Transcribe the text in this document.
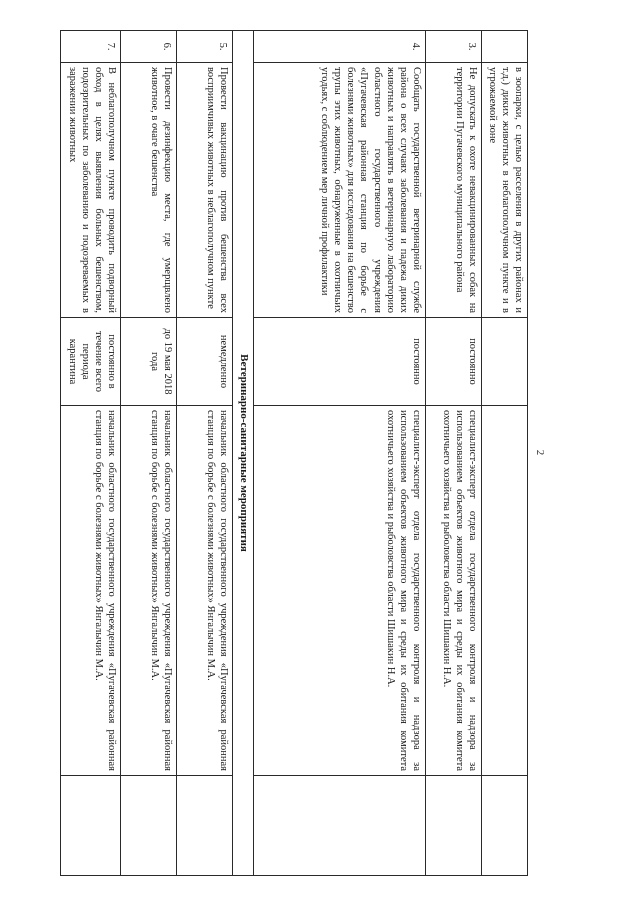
2
	в зоопарки, с целью расселения в других районах и т.д.) диких животных в неблагополучном пункте и в угрожаемой зоне			
3.	Не допускать к охоте невакцинированных собак на территории Пугачевского муниципального района	постоянно	специалист-эксперт отдела государственного контроля и надзора за использованием объектов животного мира и среды их обитания комитета охотничьего хозяйства и рыболовства области Шишакин Н.А.	
4.	Сообщать государственной ветеринарной службе района о всех случаях заболевания и падежа диких животных и направлять в ветеринарную лабораторию областного государственного учреждения «Пугачевская районная станция по борьбе с болезнями животных» для исследования на бешенство трупы этих животных, обнаруженные в охотничьих угодьях, с соблюдением мер личной профилактики	постоянно	специалист-эксперт отдела государственного контроля и надзора за использованием объектов животного мира и среды их обитания комитета охотничьего хозяйства и рыболовства области Шишакин Н.А.	
Ветеринарно-санитарные мероприятия				
5.	Провести вакцинацию против бешенства всех восприимчивых животных в неблагополучном пункте	немедленно	начальник областного государственного учреждения «Пугачевская районная станция по борьбе с болезнями животных» Янгалычин М.А.	
6.	Провести дезинфекцию места, где умерщвлено животное, в очаге бешенства	до 19 мая 2018 года	начальник областного государственного учреждения «Пугачевская районная станция по борьбе с болезнями животных» Янгалычин М.А.	
7.	В неблагополучном пункте проводить подворный обход в целях выявления больных бешенством, подозрительных по заболеванию и подозреваемых в заражении животных	постоянно в течение всего периода карантина	начальник областного государственного учреждения «Пугачевская районная станция по борьбе с болезнями животных» Янгалычин М.А.	
